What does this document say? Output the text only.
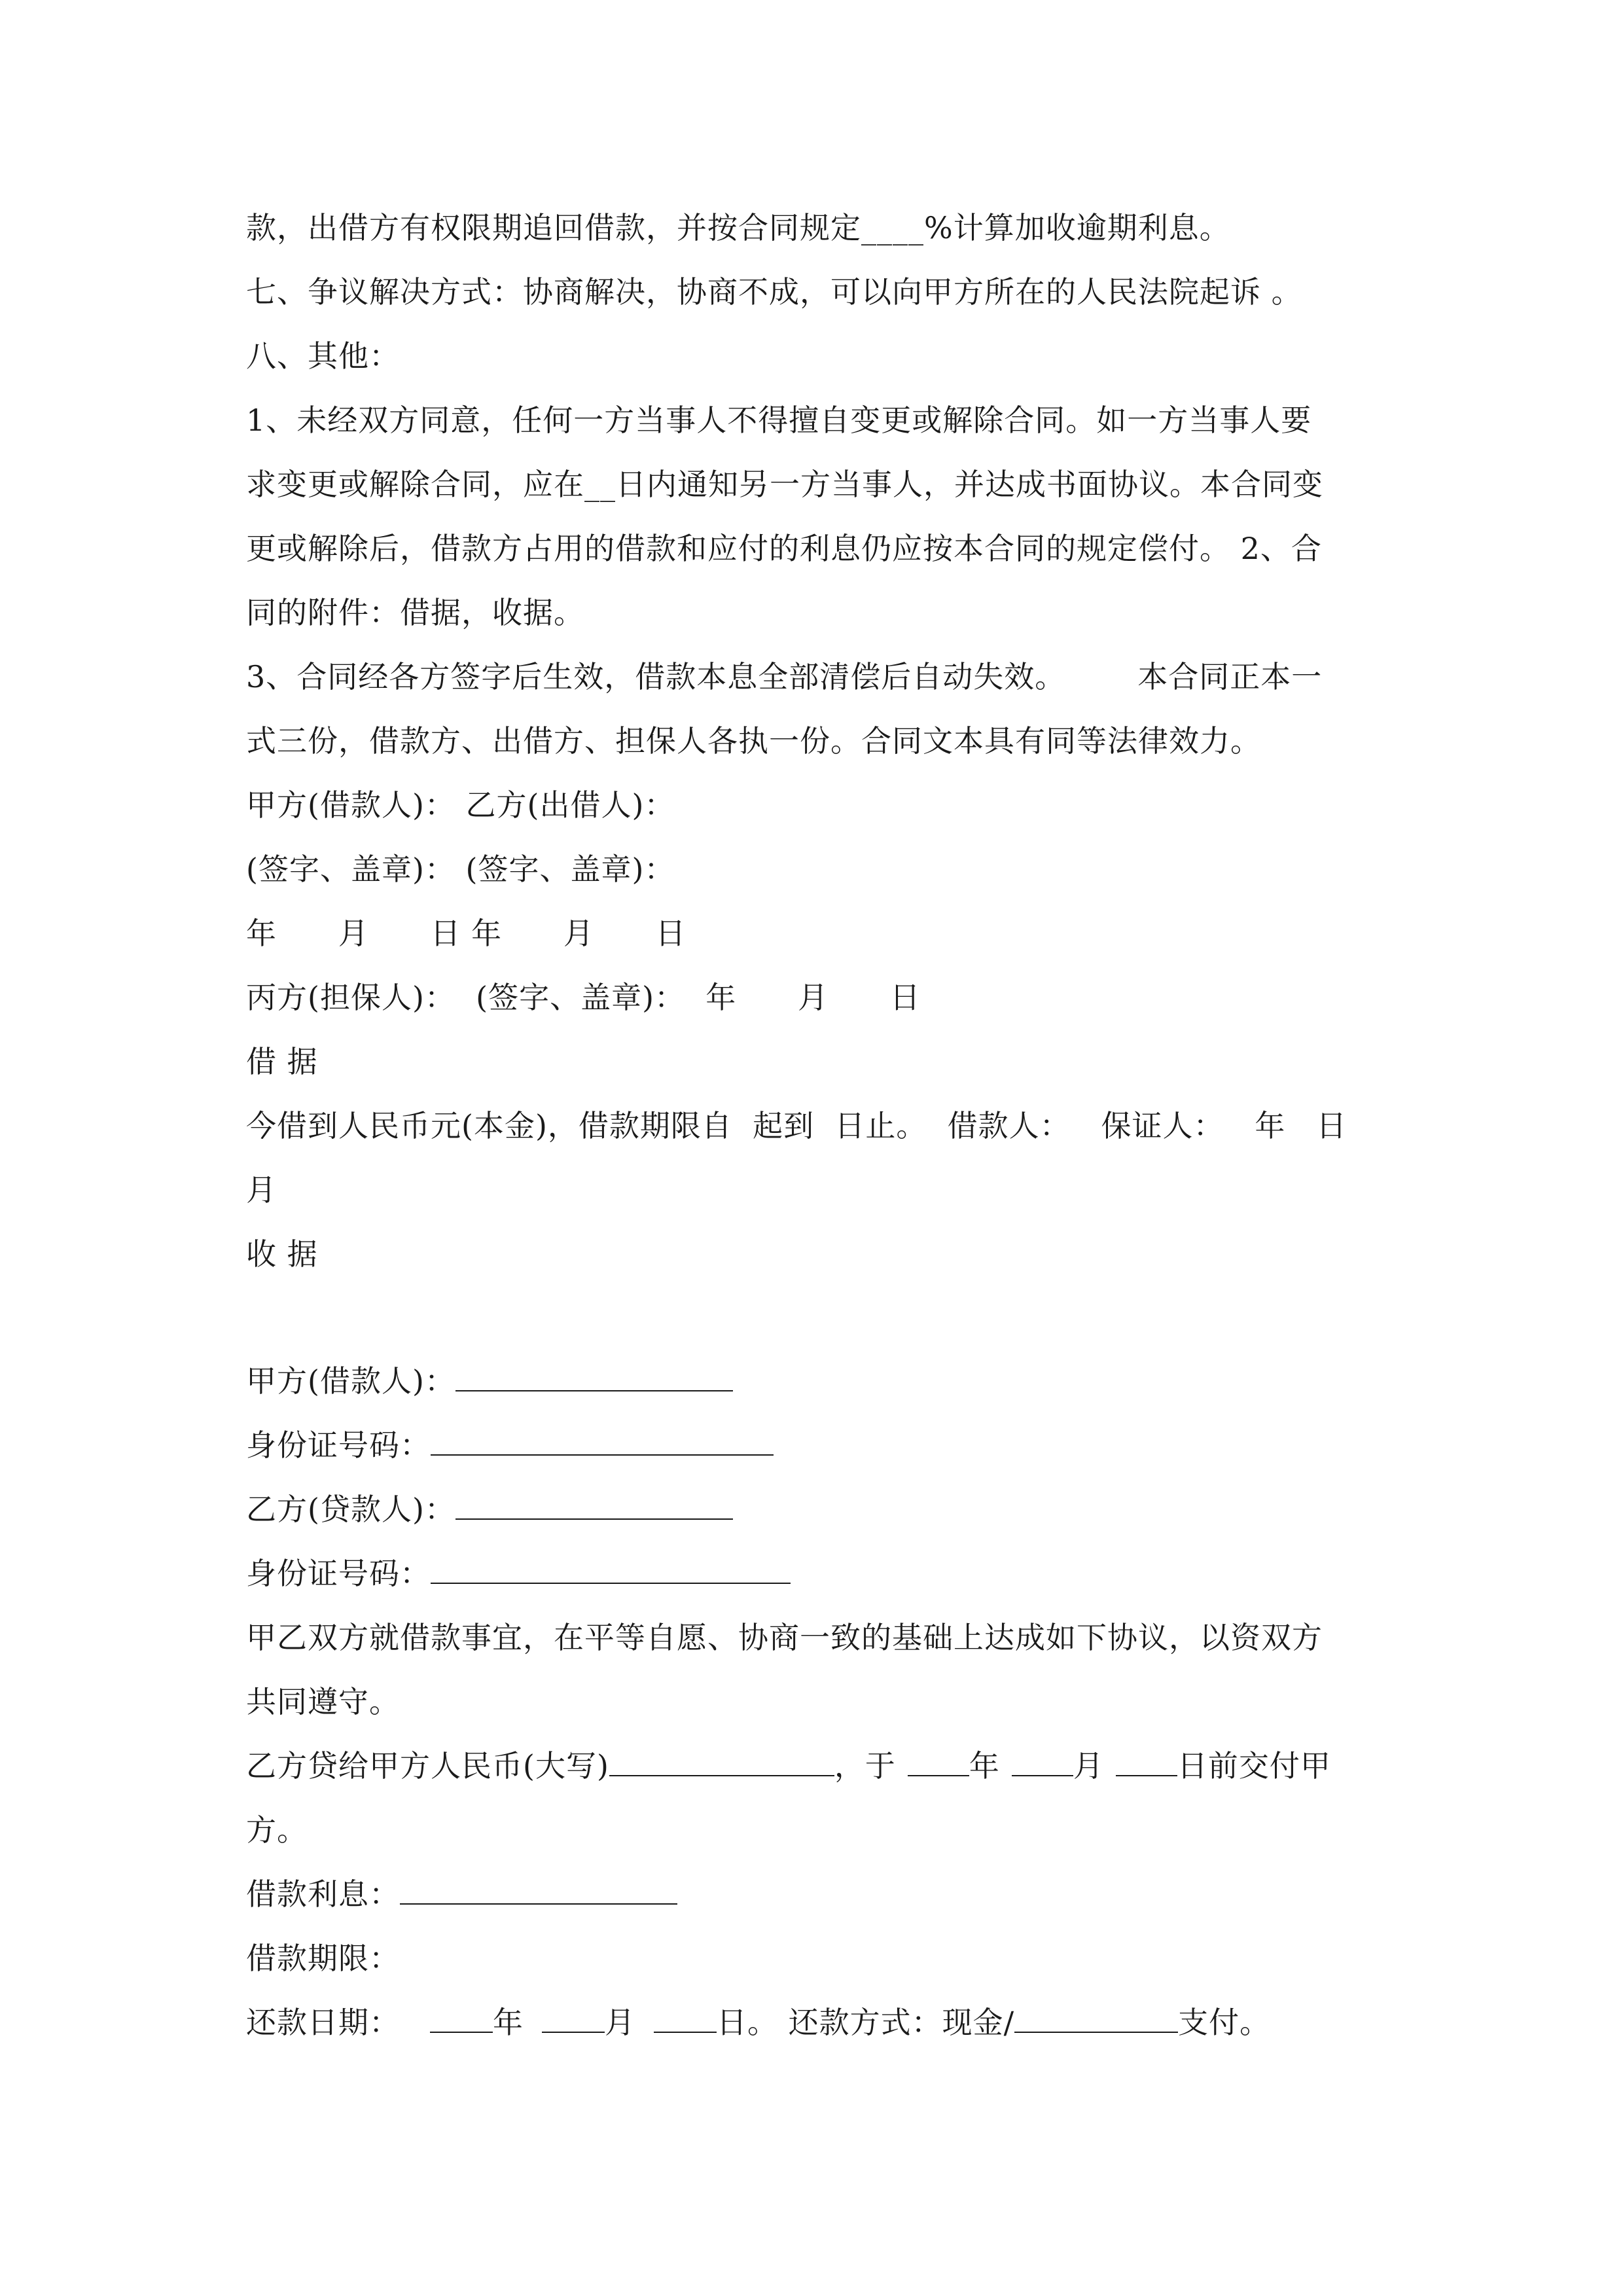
款，出借方有权限期追回借款，并按合同规定____%计算加收逾期利息。
七、争议解决方式：协商解决，协商不成，可以向甲方所在的人民法院起诉 。
八、其他：
1、未经双方同意，任何一方当事人不得擅自变更或解除合同。如一方当事人要
求变更或解除合同，应在__日内通知另一方当事人，并达成书面协议。本合同变
更或解除后，借款方占用的借款和应付的利息仍应按本合同的规定偿付。 2、合
同的附件：借据，收据。
3、合同经各方签字后生效，借款本息全部清偿后自动失效。 本合同正本一
式三份，借款方、出借方、担保人各执一份。合同文本具有同等法律效力。
甲方(借款人)： 乙方(出借人)：
(签字、盖章)： (签字、盖章)：
年      月      日 年      月      日
丙方(担保人)：  (签字、盖章)：  年      月      日
借 据
今借到人民币元(本金)，借款期限自  起到  日止。  借款人：   保证人：   年   日
月
收 据
甲方(借款人)：
身份证号码：
乙方(贷款人)：
身份证号码：
甲乙双方就借款事宜，在平等自愿、协商一致的基础上达成如下协议，以资双方
共同遵守。
乙方贷给甲方人民币(大写)	，于 年 月 日前交付甲
方。
借款利息：
借款期限：
还款日期：	年	月	日。 还款方式：现金/	支付。
